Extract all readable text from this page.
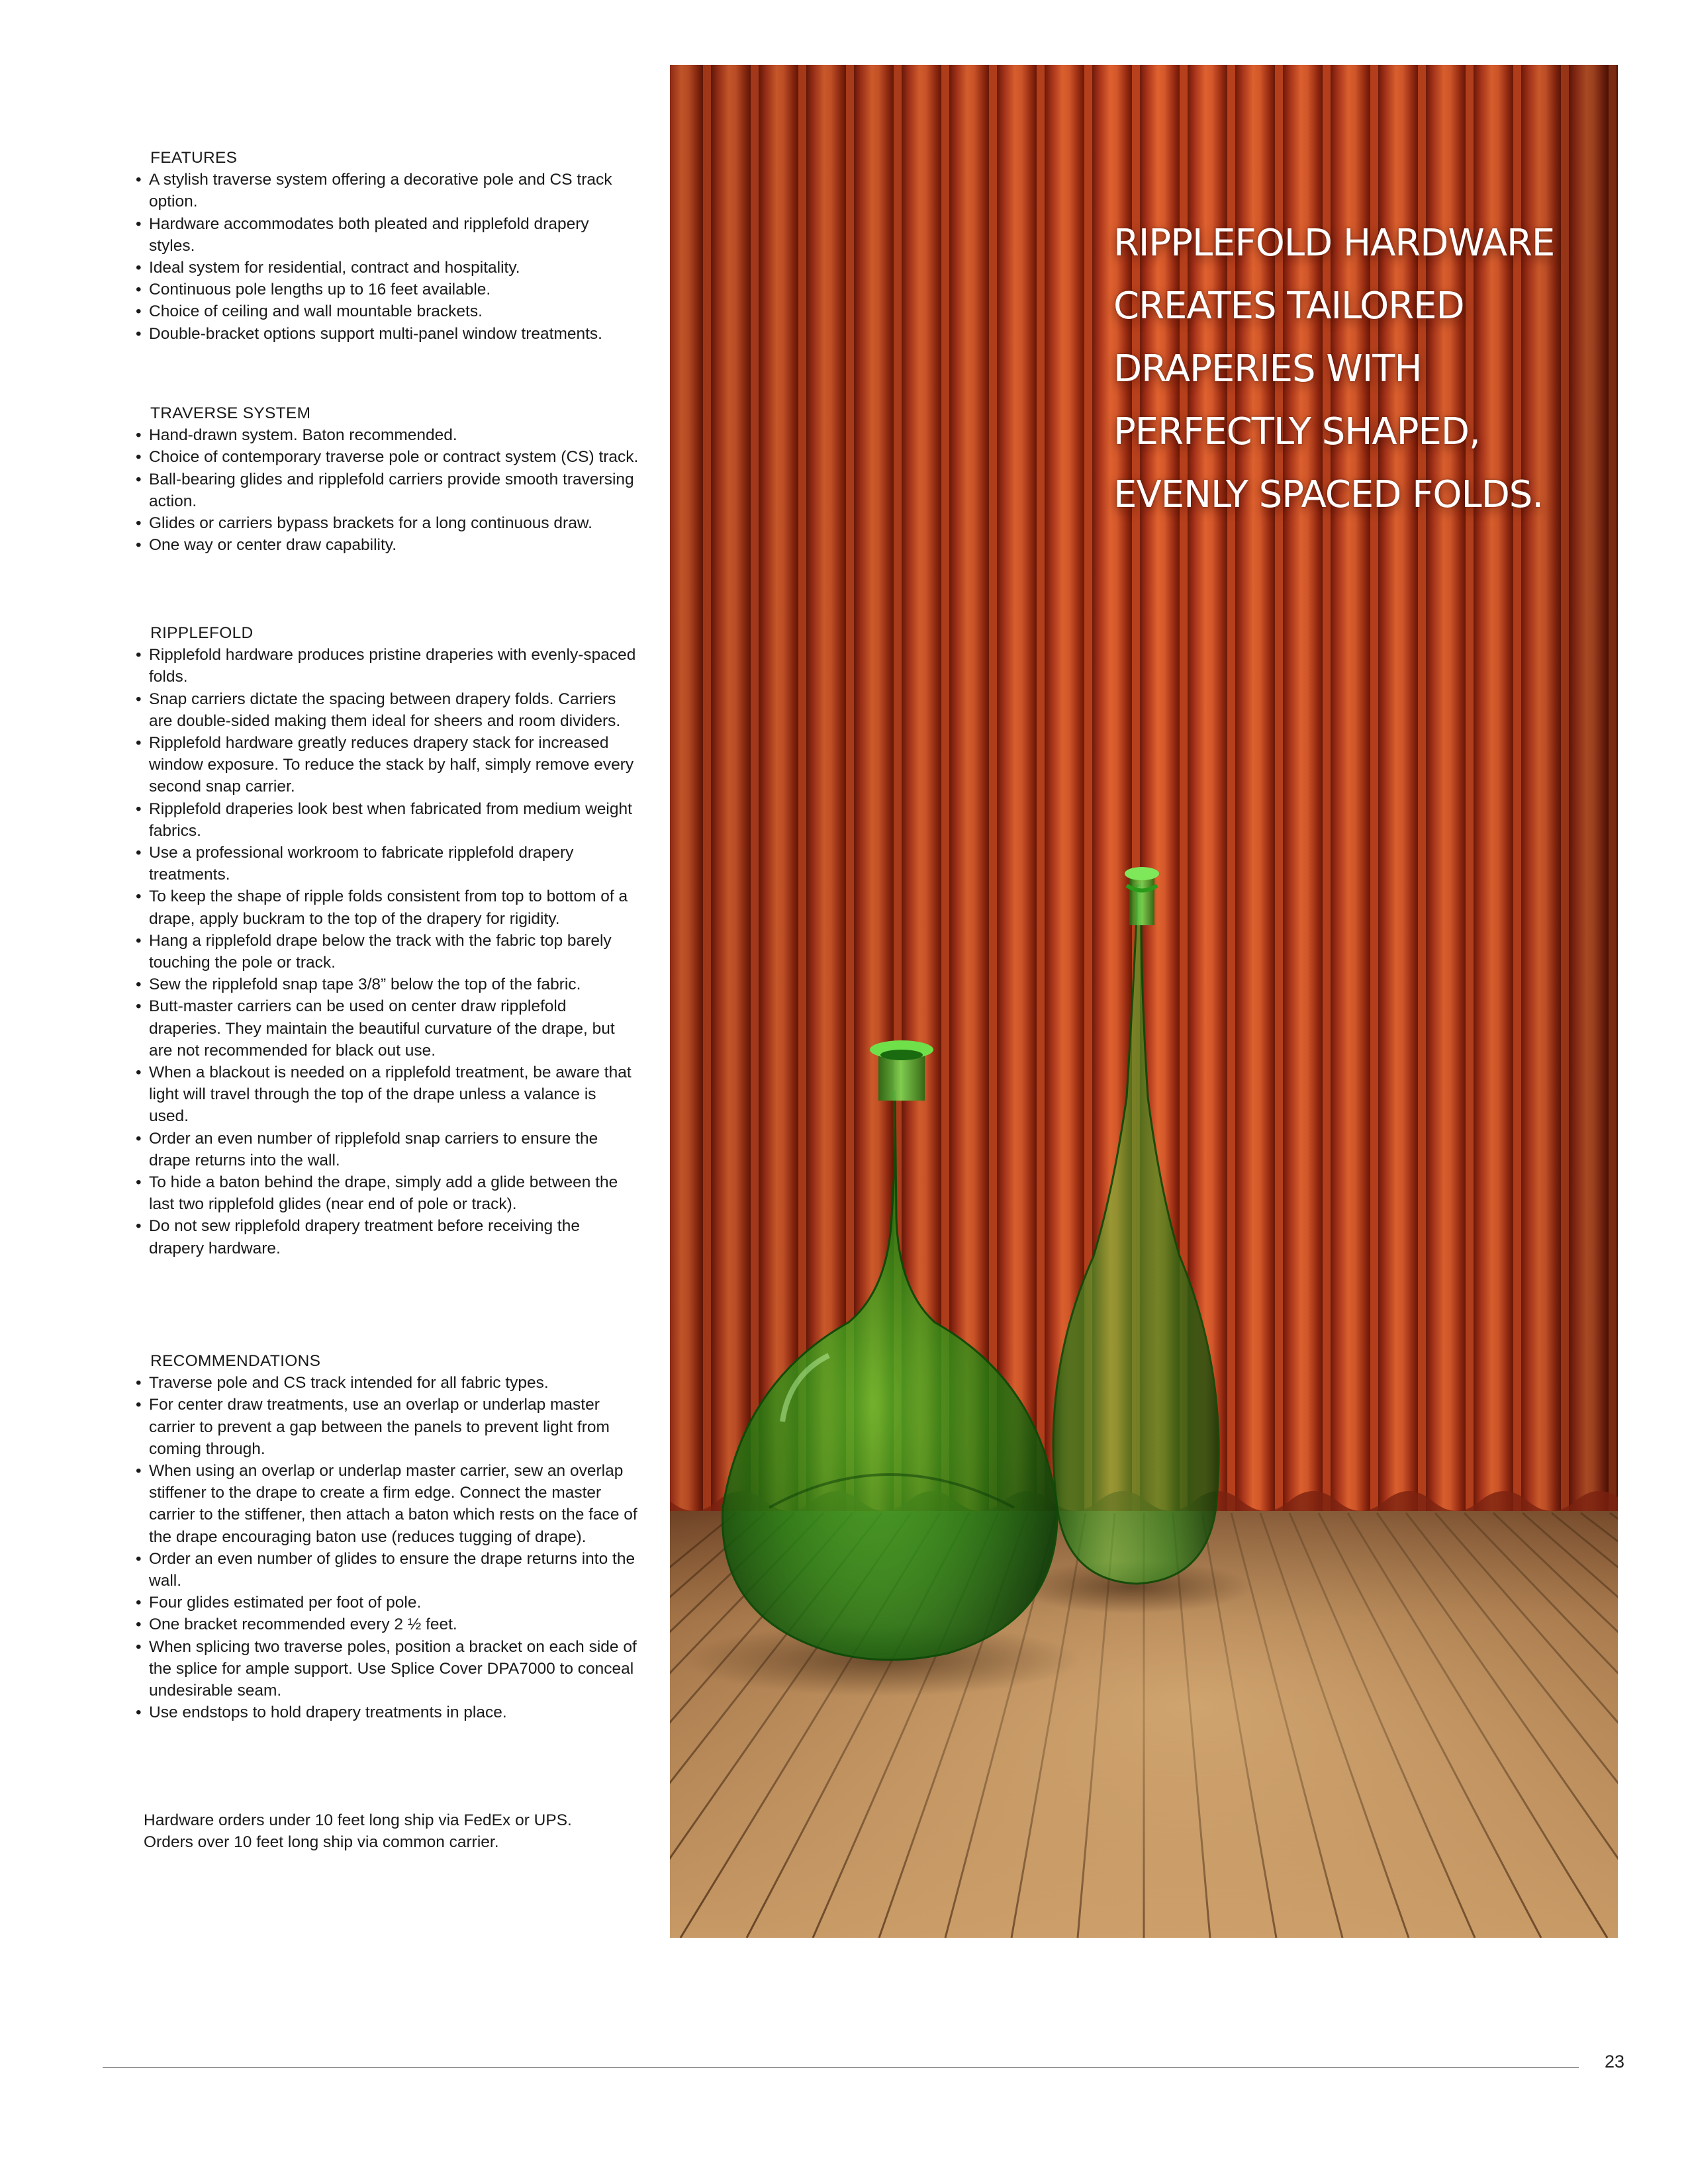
FEATURES
• A stylish traverse system offering a decorative pole and CS track option.
• Hardware accommodates both pleated and ripplefold drapery styles.
• Ideal system for residential, contract and hospitality.
• Continuous pole lengths up to 16 feet available.
• Choice of ceiling and wall mountable brackets.
• Double-bracket options support multi-panel window treatments.
TRAVERSE SYSTEM
• Hand-drawn system. Baton recommended.
• Choice of contemporary traverse pole or contract system (CS) track.
• Ball-bearing glides and ripplefold carriers provide smooth traversing action.
• Glides or carriers bypass brackets for a long continuous draw.
• One way or center draw capability.
RIPPLEFOLD
• Ripplefold hardware produces pristine draperies with evenly-spaced folds.
• Snap carriers dictate the spacing between drapery folds. Carriers are double-sided making them ideal for sheers and room dividers.
• Ripplefold hardware greatly reduces drapery stack for increased window exposure. To reduce the stack by half, simply remove every second snap carrier.
• Ripplefold draperies look best when fabricated from medium weight fabrics.
• Use a professional workroom to fabricate ripplefold drapery treatments.
• To keep the shape of ripple folds consistent from top to bottom of a drape, apply buckram to the top of the drapery for rigidity.
• Hang a ripplefold drape below the track with the fabric top barely touching the pole or track.
• Sew the ripplefold snap tape 3/8” below the top of the fabric.
• Butt-master carriers can be used on center draw ripplefold draperies. They maintain the beautiful curvature of the drape, but are not recommended for black out use.
• When a blackout is needed on a ripplefold treatment, be aware that light will travel through the top of the drape unless a valance is used.
• Order an even number of ripplefold snap carriers to ensure the drape returns into the wall.
• To hide a baton behind the drape, simply add a glide between the last two ripplefold glides (near end of pole or track).
• Do not sew ripplefold drapery treatment before receiving the drapery hardware.
RECOMMENDATIONS
• Traverse pole and CS track intended for all fabric types.
• For center draw treatments, use an overlap or underlap master carrier to prevent a gap between the panels to prevent light from coming through.
• When using an overlap or underlap master carrier, sew an overlap stiffener to the drape to create a firm edge. Connect the master carrier to the stiffener, then attach a baton which rests on the face of the drape encouraging baton use (reduces tugging of drape).
• Order an even number of glides to ensure the drape returns into the wall.
• Four glides estimated per foot of pole.
• One bracket recommended every 2 ½ feet.
• When splicing two traverse poles, position a bracket on each side of the splice for ample support. Use Splice Cover DPA7000 to conceal undesirable seam.
• Use endstops to hold drapery treatments in place.
Hardware orders under 10 feet long ship via FedEx or UPS.
Orders over 10 feet long ship via common carrier.
RIPPLEFOLD HARDWARE
CREATES TAILORED
DRAPERIES WITH
PERFECTLY SHAPED,
EVENLY SPACED FOLDS.
23
